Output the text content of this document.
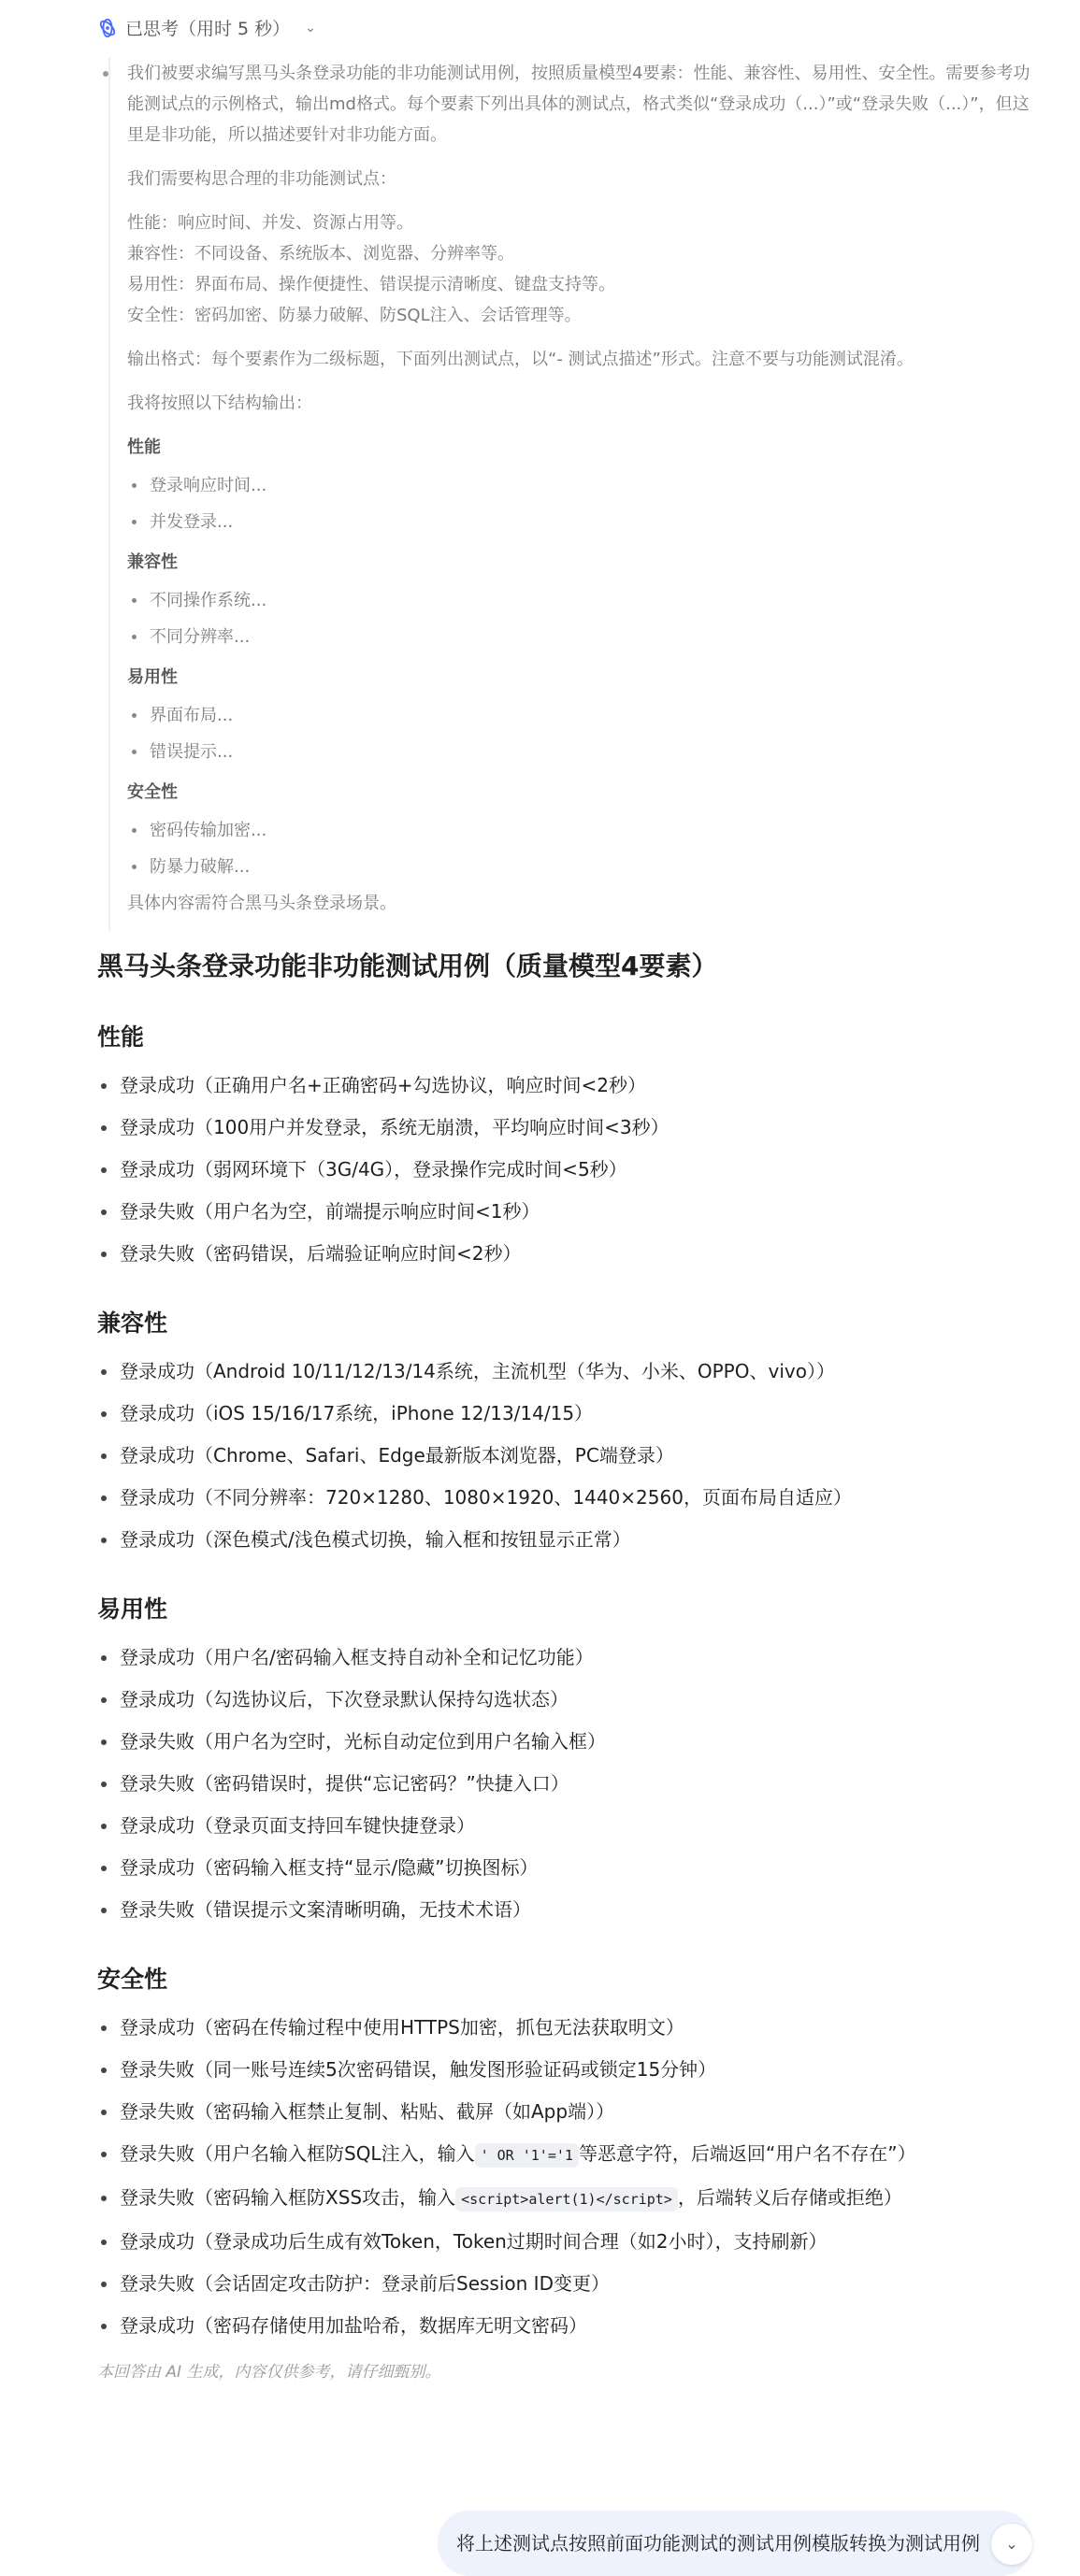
已思考（用时 5 秒） ⌄

我们被要求编写黑马头条登录功能的非功能测试用例，按照质量模型4要素：性能、兼容性、易用性、安全性。需要参考功能测试点的示例格式，输出md格式。每个要素下列出具体的测试点，格式类似“登录成功（...）”或“登录失败（...）”，但这里是非功能，所以描述要针对非功能方面。

我们需要构思合理的非功能测试点：

性能：响应时间、并发、资源占用等。
兼容性：不同设备、系统版本、浏览器、分辨率等。
易用性：界面布局、操作便捷性、错误提示清晰度、键盘支持等。
安全性：密码加密、防暴力破解、防SQL注入、会话管理等。

输出格式：每个要素作为二级标题，下面列出测试点，以“- 测试点描述”形式。注意不要与功能测试混淆。

我将按照以下结构输出：

性能
登录响应时间...
并发登录...
兼容性
不同操作系统...
不同分辨率...
易用性
界面布局...
错误提示...
安全性
密码传输加密...
防暴力破解...

具体内容需符合黑马头条登录场景。

黑马头条登录功能非功能测试用例（质量模型4要素）
性能
登录成功（正确用户名+正确密码+勾选协议，响应时间<2秒）
登录成功（100用户并发登录，系统无崩溃，平均响应时间<3秒）
登录成功（弱网环境下（3G/4G），登录操作完成时间<5秒）
登录失败（用户名为空，前端提示响应时间<1秒）
登录失败（密码错误，后端验证响应时间<2秒）
兼容性
登录成功（Android 10/11/12/13/14系统，主流机型（华为、小米、OPPO、vivo））
登录成功（iOS 15/16/17系统，iPhone 12/13/14/15）
登录成功（Chrome、Safari、Edge最新版本浏览器，PC端登录）
登录成功（不同分辨率：720×1280、1080×1920、1440×2560，页面布局自适应）
登录成功（深色模式/浅色模式切换，输入框和按钮显示正常）
易用性
登录成功（用户名/密码输入框支持自动补全和记忆功能）
登录成功（勾选协议后，下次登录默认保持勾选状态）
登录失败（用户名为空时，光标自动定位到用户名输入框）
登录失败（密码错误时，提供“忘记密码？”快捷入口）
登录成功（登录页面支持回车键快捷登录）
登录成功（密码输入框支持“显示/隐藏”切换图标）
登录失败（错误提示文案清晰明确，无技术术语）
安全性
登录成功（密码在传输过程中使用HTTPS加密，抓包无法获取明文）
登录失败（同一账号连续5次密码错误，触发图形验证码或锁定15分钟）
登录失败（密码输入框禁止复制、粘贴、截屏（如App端））
登录失败（用户名输入框防SQL注入，输入 ' OR '1'='1 等恶意字符，后端返回“用户名不存在”）
登录失败（密码输入框防XSS攻击，输入 <script>alert(1)</script> ，后端转义后存储或拒绝）
登录成功（登录成功后生成有效Token，Token过期时间合理（如2小时），支持刷新）
登录失败（会话固定攻击防护：登录前后Session ID变更）
登录成功（密码存储使用加盐哈希，数据库无明文密码）
本回答由 AI 生成，内容仅供参考，请仔细甄别。
将上述测试点按照前面功能测试的测试用例模版转换为测试用例	⌄
